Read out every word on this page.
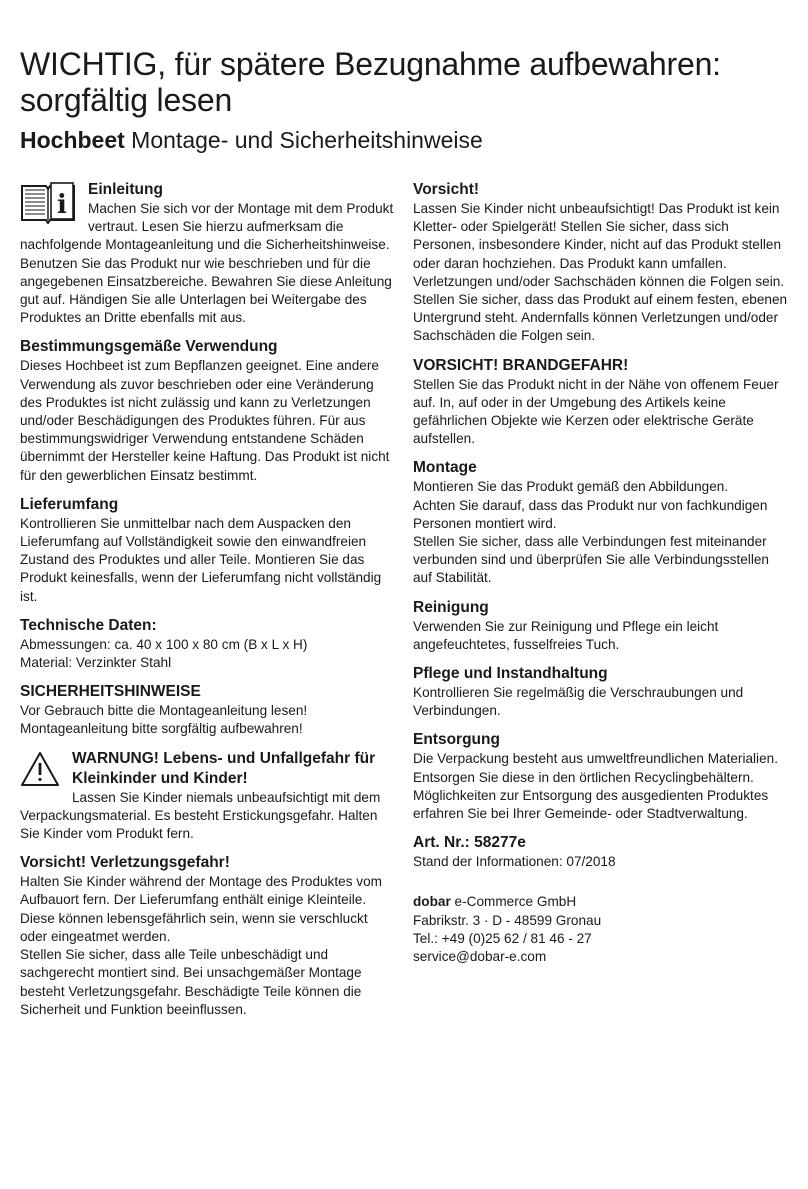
WICHTIG, für spätere Bezugnahme aufbewahren:
sorgfältig lesen
Hochbeet Montage- und Sicherheitshinweise
i
Einleitung

Machen Sie sich vor der Montage mit dem Produkt vertraut. Lesen Sie hierzu aufmerksam die

nachfolgende Montageanleitung und die Sicherheitshinweise. Benutzen Sie das Produkt nur wie beschrieben und für die angegebenen Einsatzbereiche. Bewahren Sie diese Anleitung gut auf. Händigen Sie alle Unterlagen bei Weitergabe des Produktes an Dritte ebenfalls mit aus.

Bestimmungsgemäße Verwendung

Dieses Hochbeet ist zum Bepflanzen geeignet. Eine andere Verwendung als zuvor beschrieben oder eine Veränderung des Produktes ist nicht zulässig und kann zu Verletzungen und/oder Beschädigungen des Produktes führen. Für aus bestimmungswidriger Verwendung entstandene Schäden übernimmt der Hersteller keine Haftung. Das Produkt ist nicht für den gewerblichen Einsatz bestimmt.

Lieferumfang

Kontrollieren Sie unmittelbar nach dem Auspacken den Lieferumfang auf Vollständigkeit sowie den einwandfreien Zustand des Produktes und aller Teile. Montieren Sie das Produkt keinesfalls, wenn der Lieferumfang nicht vollständig ist.

Technische Daten:

Abmessungen: ca. 40 x 100 x 80 cm (B x L x H)

Material: Verzinkter Stahl

SICHERHEITSHINWEISE

Vor Gebrauch bitte die Montageanleitung lesen!

Montageanleitung bitte sorgfältig aufbewahren!

WARNUNG! Lebens- und Unfallgefahr für Kleinkinder und Kinder!

Lassen Sie Kinder niemals unbeaufsichtigt mit dem

Verpackungsmaterial. Es besteht Erstickungsgefahr. Halten Sie Kinder vom Produkt fern.

Vorsicht! Verletzungsgefahr!

Halten Sie Kinder während der Montage des Produktes vom Aufbauort fern. Der Lieferumfang enthält einige Kleinteile. Diese können lebensgefährlich sein, wenn sie verschluckt oder eingeatmet werden.

Stellen Sie sicher, dass alle Teile unbeschädigt und sachgerecht montiert sind. Bei unsachgemäßer Montage besteht Verletzungsgefahr. Beschädigte Teile können die Sicherheit und Funktion beeinflussen.

Vorsicht!

Lassen Sie Kinder nicht unbeaufsichtigt! Das Produkt ist kein Kletter- oder Spielgerät! Stellen Sie sicher, dass sich Personen, insbesondere Kinder, nicht auf das Produkt stellen oder daran hochziehen. Das Produkt kann umfallen. Verletzungen und/oder Sachschäden können die Folgen sein.

Stellen Sie sicher, dass das Produkt auf einem festen, ebenen Untergrund steht. Andernfalls können Verletzungen und/oder Sachschäden die Folgen sein.

VORSICHT! BRANDGEFAHR!

Stellen Sie das Produkt nicht in der Nähe von offenem Feuer auf. In, auf oder in der Umgebung des Artikels keine gefährlichen Objekte wie Kerzen oder elektrische Geräte aufstellen.

Montage

Montieren Sie das Produkt gemäß den Abbildungen.

Achten Sie darauf, dass das Produkt nur von fachkundigen Personen montiert wird.

Stellen Sie sicher, dass alle Verbindungen fest miteinander verbunden sind und überprüfen Sie alle Verbindungsstellen auf Stabilität.

Reinigung

Verwenden Sie zur Reinigung und Pflege ein leicht angefeuchtetes, fusselfreies Tuch.

Pflege und Instandhaltung

Kontrollieren Sie regelmäßig die Verschraubungen und Verbindungen.

Entsorgung

Die Verpackung besteht aus umweltfreundlichen Materialien. Entsorgen Sie diese in den örtlichen Recyclingbehältern. Möglichkeiten zur Entsorgung des ausgedienten Produktes erfahren Sie bei Ihrer Gemeinde- oder Stadtverwaltung.

Art. Nr.: 58277e

Stand der Informationen: 07/2018

dobar e-Commerce GmbH

Fabrikstr. 3 · D - 48599 Gronau

Tel.: +49 (0)25 62 / 81 46 - 27

service@dobar-e.com
